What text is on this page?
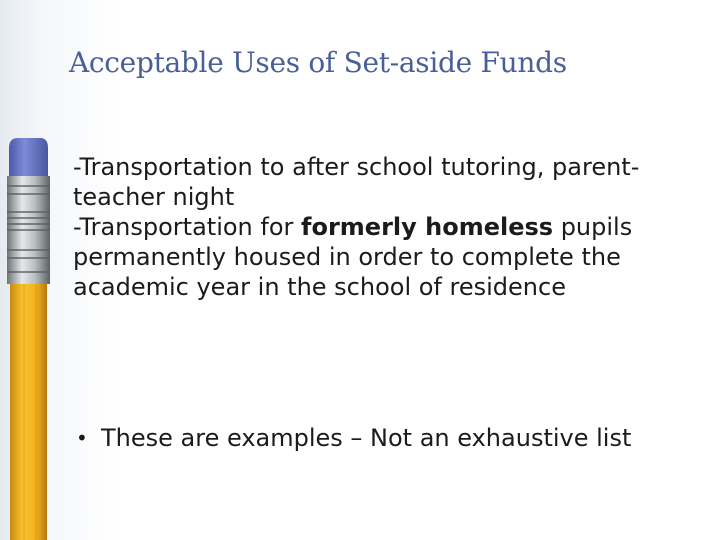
Acceptable Uses of Set-aside Funds

-Transportation to after school tutoring, parent-teacher night

-Transportation for formerly homeless pupils permanently housed in order to complete the academic year in the school of residence

• These are examples – Not an exhaustive list
